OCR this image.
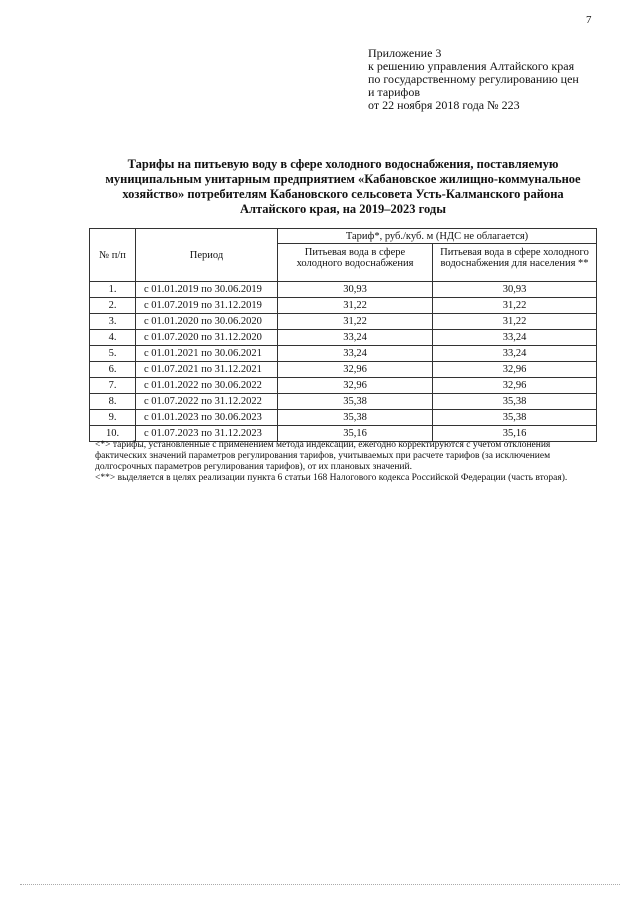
7
Приложение 3
к решению управления Алтайского края
по государственному регулированию цен
и тарифов
от 22 ноября 2018 года № 223
Тарифы на питьевую воду в сфере холодного водоснабжения, поставляемую муниципальным унитарным предприятием «Кабановское жилищно-коммунальное хозяйство» потребителям Кабановского сельсовета Усть-Калманского района Алтайского края, на 2019–2023 годы
№ п/п	Период	Тариф*, руб./куб. м (НДС не облагается)	
		Питьевая вода в сфере холодного водоснабжения	Питьевая вода в сфере холодного водоснабжения для населения **
1.	с 01.01.2019 по 30.06.2019	30,93	30,93
2.	с 01.07.2019 по 31.12.2019	31,22	31,22
3.	с 01.01.2020 по 30.06.2020	31,22	31,22
4.	с 01.07.2020 по 31.12.2020	33,24	33,24
5.	с 01.01.2021 по 30.06.2021	33,24	33,24
6.	с 01.07.2021 по 31.12.2021	32,96	32,96
7.	с 01.01.2022 по 30.06.2022	32,96	32,96
8.	с 01.07.2022 по 31.12.2022	35,38	35,38
9.	с 01.01.2023 по 30.06.2023	35,38	35,38
10.	с 01.07.2023 по 31.12.2023	35,16	35,16

<*> тарифы, установленные с применением метода индексации, ежегодно корректируются с учетом отклонения фактических значений параметров регулирования тарифов, учитываемых при расчете тарифов (за исключением долгосрочных параметров регулирования тарифов), от их плановых значений.

<**> выделяется в целях реализации пункта 6 статьи 168 Налогового кодекса Российской Федерации (часть вторая).
